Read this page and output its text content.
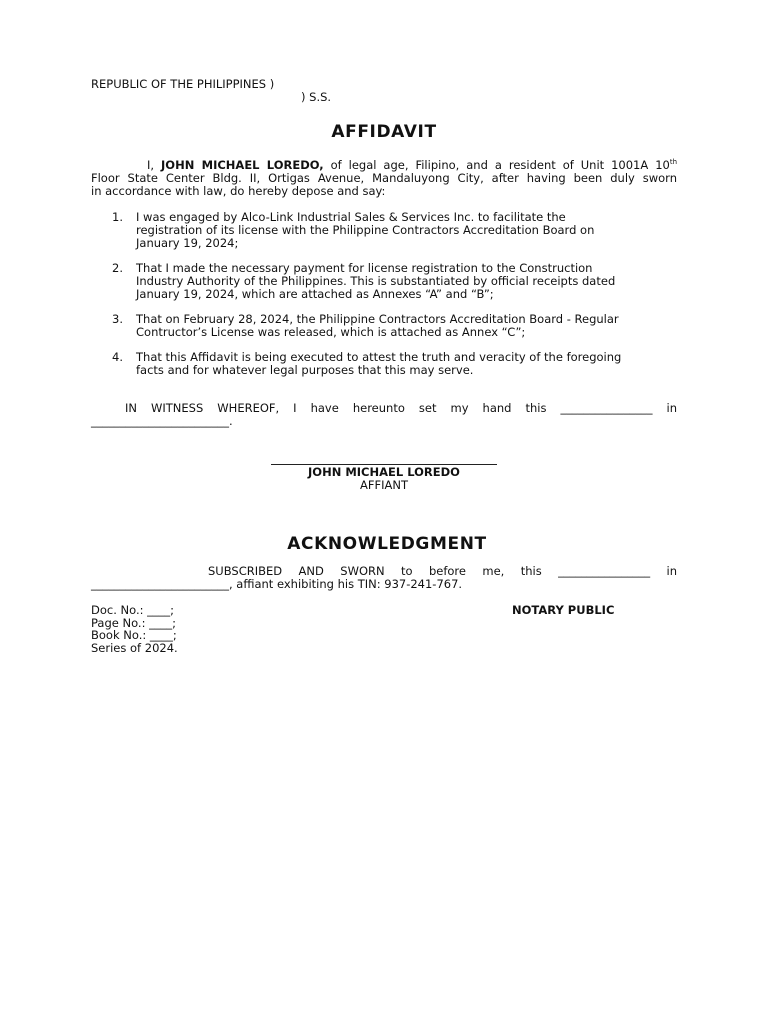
REPUBLIC OF THE PHILIPPINES )
) S.S.
AFFIDAVIT
I, JOHN MICHAEL LOREDO, of legal age, Filipino, and a resident of Unit 1001A 10th
Floor State Center Bldg. II, Ortigas Avenue, Mandaluyong City, after having been duly sworn
in accordance with law, do hereby depose and say:
1. I was engaged by Alco-Link Industrial Sales & Services Inc. to facilitate the
registration of its license with the Philippine Contractors Accreditation Board on
January 19, 2024;
2. That I made the necessary payment for license registration to the Construction
Industry Authority of the Philippines. This is substantiated by official receipts dated
January 19, 2024, which are attached as Annexes “A” and “B”;
3. That on February 28, 2024, the Philippine Contractors Accreditation Board - Regular
Contructor’s License was released, which is attached as Annex “C”;
4. That this Affidavit is being executed to attest the truth and veracity of the foregoing
facts and for whatever legal purposes that this may serve.
IN WITNESS WHEREOF, I have hereunto set my hand this ________________ in
________________________.
JOHN MICHAEL LOREDO
AFFIANT
ACKNOWLEDGMENT
SUBSCRIBED AND SWORN to before me, this ________________ in
________________________, affiant exhibiting his TIN: 937-241-767.
NOTARY PUBLIC
Doc. No.: ____;
Page No.: ____;
Book No.: ____;
Series of 2024.
